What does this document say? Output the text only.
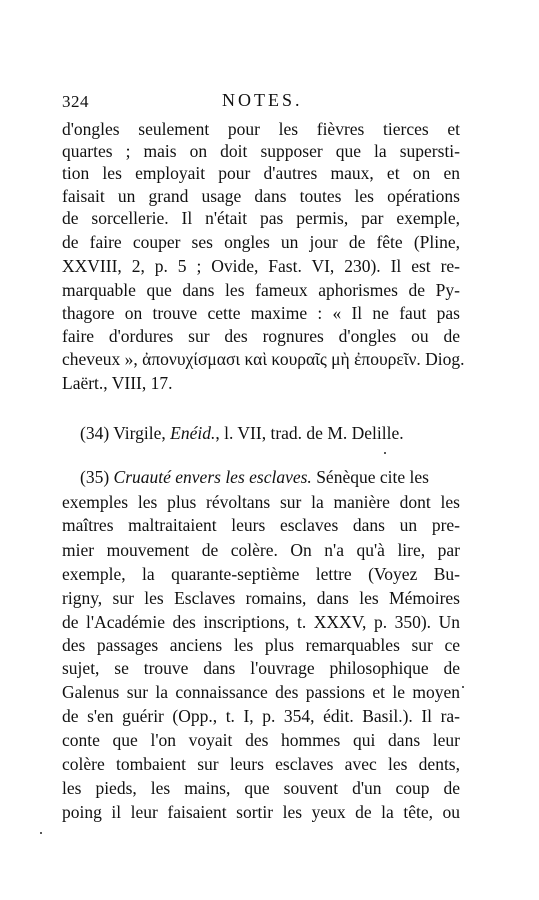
324	NOTES.
d'ongles seulement pour les fièvres tierces et
quartes ; mais on doit supposer que la supersti-
tion les employait pour d'autres maux, et on en
faisait un grand usage dans toutes les opérations
de sorcellerie. Il n'était pas permis, par exemple,
de faire couper ses ongles un jour de fête (Pline,
XXVIII, 2, p. 5 ; Ovide, Fast. VI, 230). Il est re-
marquable que dans les fameux aphorismes de Py-
thagore on trouve cette maxime : « Il ne faut pas
faire d'ordures sur des rognures d'ongles ou de
cheveux », ἀπονυχίσμασι καὶ κουραῖς μὴ ἐπουρεῖν. Diog.
Laërt., VIII, 17.
(34) Virgile, Enéid., l. VII, trad. de M. Delille.
(35) Cruauté envers les esclaves. Sénèque cite les
exemples les plus révoltans sur la manière dont les
maîtres maltraitaient leurs esclaves dans un pre-
mier mouvement de colère. On n'a qu'à lire, par
exemple, la quarante-septième lettre (Voyez Bu-
rigny, sur les Esclaves romains, dans les Mémoires
de l'Académie des inscriptions, t. XXXV, p. 350). Un
des passages anciens les plus remarquables sur ce
sujet, se trouve dans l'ouvrage philosophique de
Galenus sur la connaissance des passions et le moyen
de s'en guérir (Opp., t. I, p. 354, édit. Basil.). Il ra-
conte que l'on voyait des hommes qui dans leur
colère tombaient sur leurs esclaves avec les dents,
les pieds, les mains, que souvent d'un coup de
poing il leur faisaient sortir les yeux de la tête, ou
